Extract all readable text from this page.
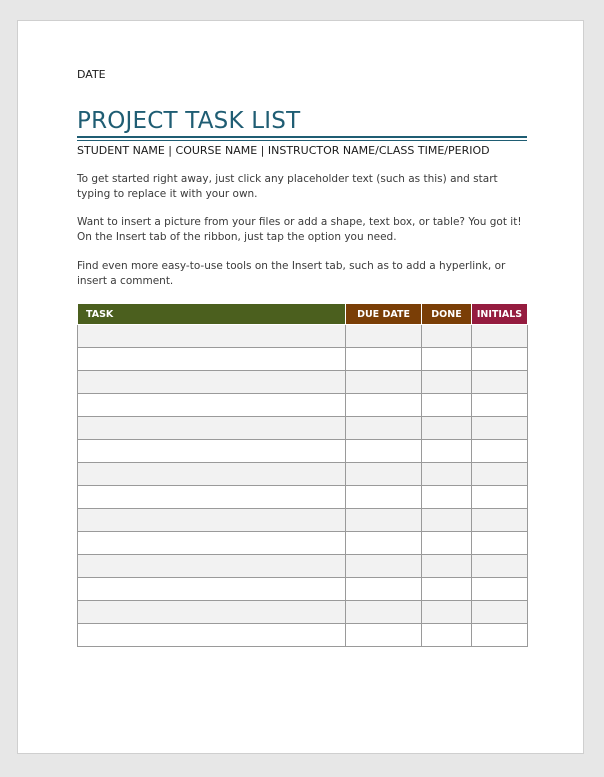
DATE
PROJECT TASK LIST
STUDENT NAME | COURSE NAME | INSTRUCTOR NAME/CLASS TIME/PERIOD
To get started right away, just click any placeholder text (such as this) and start typing to replace it with your own.
Want to insert a picture from your files or add a shape, text box, or table? You got it! On the Insert tab of the ribbon, just tap the option you need.
Find even more easy-to-use tools on the Insert tab, such as to add a hyperlink, or insert a comment.
TASK	DUE DATE	DONE	INITIALS
